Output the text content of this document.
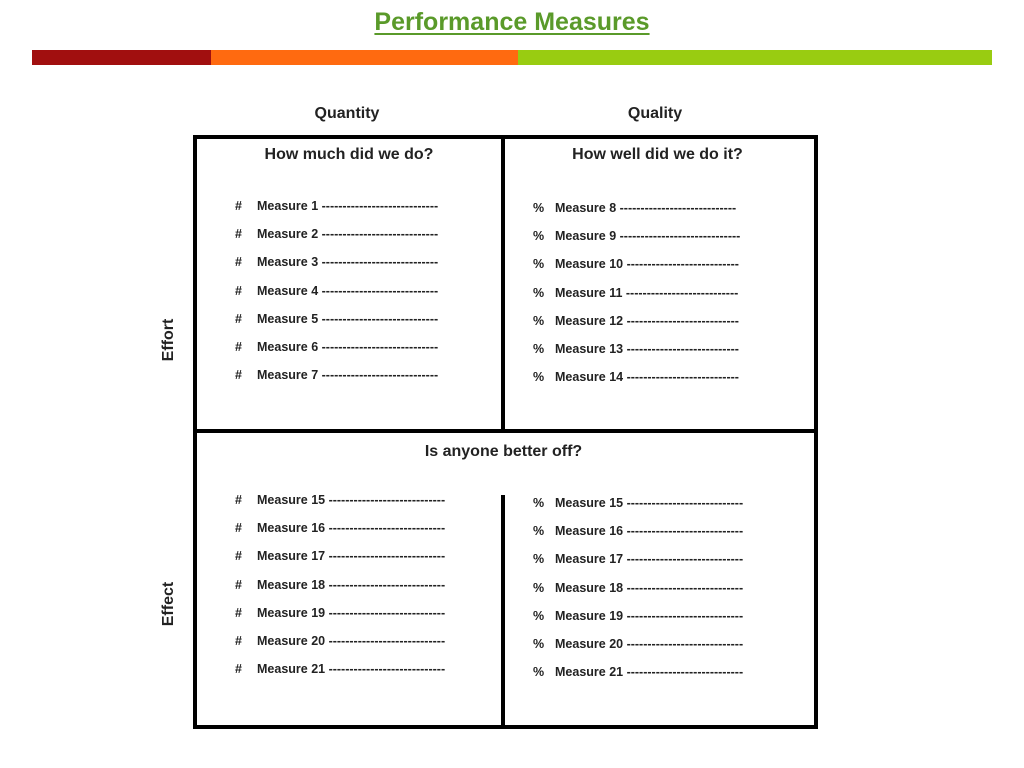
Performance Measures
Quantity	Quality
Effort
Effect
How much did we do?	How well did we do it?
Is anyone better off?
#	Measure 1 ----------------------------
#	Measure 2 ----------------------------
#	Measure 3 ----------------------------
#	Measure 4 ----------------------------
#	Measure 5 ----------------------------
#	Measure 6 ----------------------------
#	Measure 7 ----------------------------
% Measure 8 ----------------------------
% Measure 9 -----------------------------
% Measure 10 ---------------------------
% Measure 11 ---------------------------
% Measure 12 ---------------------------
% Measure 13 ---------------------------
% Measure 14 ---------------------------
#	Measure 15 ----------------------------
#	Measure 16 ----------------------------
#	Measure 17 ----------------------------
#	Measure 18 ----------------------------
#	Measure 19 ----------------------------
#	Measure 20 ----------------------------
#	Measure 21 ----------------------------
% Measure 15 ----------------------------
% Measure 16 ----------------------------
% Measure 17 ----------------------------
% Measure 18 ----------------------------
% Measure 19 ----------------------------
% Measure 20 ----------------------------
% Measure 21 ----------------------------
